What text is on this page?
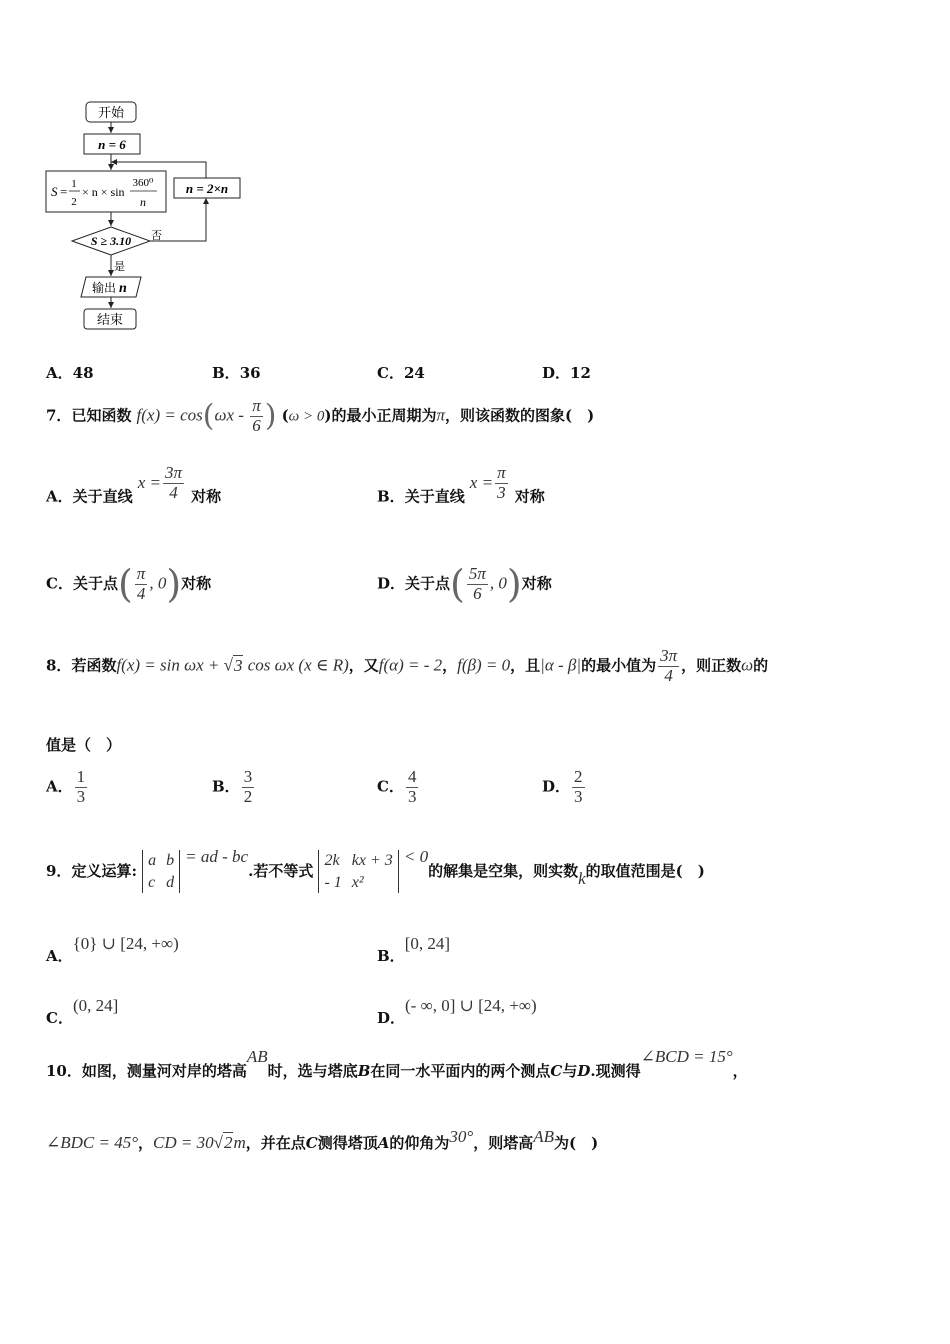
开始
n = 6
S = 1
2
× n × sin
360⁰
n
S ≥ 3.10 否
n = 2×n
是
输出 n
结束
A．48	B．36	C．24	D．12
7．已知函数 $f(x) = \cos(\omega x - \frac{\pi}{6}$ ) (ω > 0)的最小正周期为π，则该函数的图象(　)
A．关于直线 $x = \frac{3\pi}{4}$ 对称	B．关于直线 $x = \frac{\pi}{3}$ 对称
C．关于点( $\frac{\pi}{4}$ , 0)对称	D．关于点( $\frac{5\pi}{6}$ , 0)对称
8．若函数f(x) = sin ωx + √3 cos ωx (x ∈ R)，又f(α) = - 2，f(β) = 0，且|α - β|的最小值为 $\frac{3\pi}{4}$ ，则正数ω的
值是（　）
A． $\frac{1}{3}$	B． $\frac{3}{2}$	C． $\frac{4}{3}$	D． $\frac{2}{3}$
9．定义运算: a	b
c	d = ad - bc.若不等式 2k	kx + 3
- 1	x² < 0的解集是空集，则实数k的取值范围是(　)
A．{0} ∪ [24, +∞)
B．[0, 24]
C．(0, 24]
D．(- ∞, 0] ∪ [24, +∞)
10．如图，测量河对岸的塔高AB时，选与塔底B在同一水平面内的两个测点C与D.现测得∠BCD = 15°，
∠BDC = 45°，CD = 30√2m，并在点C测得塔顶A的仰角为30°，则塔高AB为(　)
